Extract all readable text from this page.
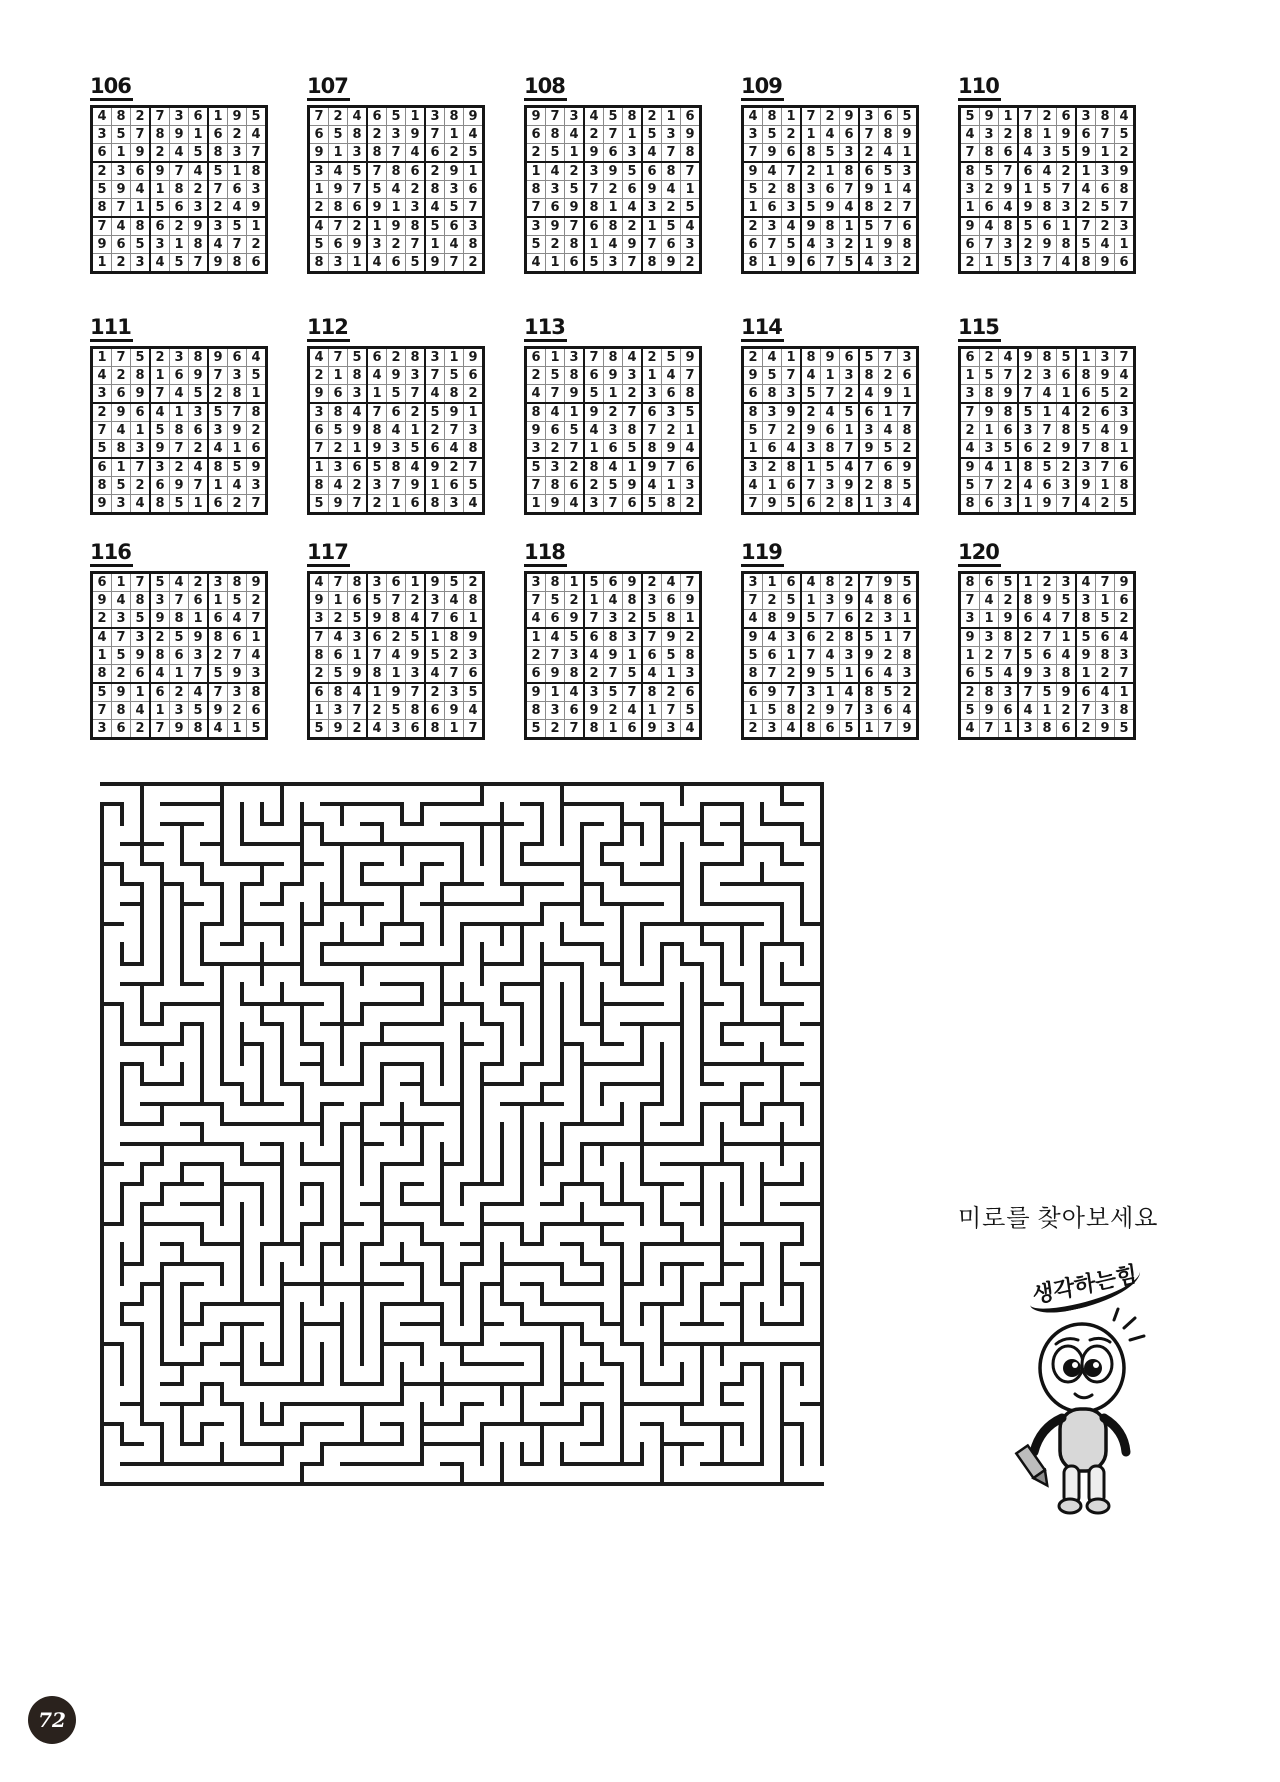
106
4	8	2	7	3	6	1	9	5
3	5	7	8	9	1	6	2	4
6	1	9	2	4	5	8	3	7
2	3	6	9	7	4	5	1	8
5	9	4	1	8	2	7	6	3
8	7	1	5	6	3	2	4	9
7	4	8	6	2	9	3	5	1
9	6	5	3	1	8	4	7	2
1	2	3	4	5	7	9	8	6
107
7	2	4	6	5	1	3	8	9
6	5	8	2	3	9	7	1	4
9	1	3	8	7	4	6	2	5
3	4	5	7	8	6	2	9	1
1	9	7	5	4	2	8	3	6
2	8	6	9	1	3	4	5	7
4	7	2	1	9	8	5	6	3
5	6	9	3	2	7	1	4	8
8	3	1	4	6	5	9	7	2
108
9	7	3	4	5	8	2	1	6
6	8	4	2	7	1	5	3	9
2	5	1	9	6	3	4	7	8
1	4	2	3	9	5	6	8	7
8	3	5	7	2	6	9	4	1
7	6	9	8	1	4	3	2	5
3	9	7	6	8	2	1	5	4
5	2	8	1	4	9	7	6	3
4	1	6	5	3	7	8	9	2
109
4	8	1	7	2	9	3	6	5
3	5	2	1	4	6	7	8	9
7	9	6	8	5	3	2	4	1
9	4	7	2	1	8	6	5	3
5	2	8	3	6	7	9	1	4
1	6	3	5	9	4	8	2	7
2	3	4	9	8	1	5	7	6
6	7	5	4	3	2	1	9	8
8	1	9	6	7	5	4	3	2
110
5	9	1	7	2	6	3	8	4
4	3	2	8	1	9	6	7	5
7	8	6	4	3	5	9	1	2
8	5	7	6	4	2	1	3	9
3	2	9	1	5	7	4	6	8
1	6	4	9	8	3	2	5	7
9	4	8	5	6	1	7	2	3
6	7	3	2	9	8	5	4	1
2	1	5	3	7	4	8	9	6
111
1	7	5	2	3	8	9	6	4
4	2	8	1	6	9	7	3	5
3	6	9	7	4	5	2	8	1
2	9	6	4	1	3	5	7	8
7	4	1	5	8	6	3	9	2
5	8	3	9	7	2	4	1	6
6	1	7	3	2	4	8	5	9
8	5	2	6	9	7	1	4	3
9	3	4	8	5	1	6	2	7
112
4	7	5	6	2	8	3	1	9
2	1	8	4	9	3	7	5	6
9	6	3	1	5	7	4	8	2
3	8	4	7	6	2	5	9	1
6	5	9	8	4	1	2	7	3
7	2	1	9	3	5	6	4	8
1	3	6	5	8	4	9	2	7
8	4	2	3	7	9	1	6	5
5	9	7	2	1	6	8	3	4
113
6	1	3	7	8	4	2	5	9
2	5	8	6	9	3	1	4	7
4	7	9	5	1	2	3	6	8
8	4	1	9	2	7	6	3	5
9	6	5	4	3	8	7	2	1
3	2	7	1	6	5	8	9	4
5	3	2	8	4	1	9	7	6
7	8	6	2	5	9	4	1	3
1	9	4	3	7	6	5	8	2
114
2	4	1	8	9	6	5	7	3
9	5	7	4	1	3	8	2	6
6	8	3	5	7	2	4	9	1
8	3	9	2	4	5	6	1	7
5	7	2	9	6	1	3	4	8
1	6	4	3	8	7	9	5	2
3	2	8	1	5	4	7	6	9
4	1	6	7	3	9	2	8	5
7	9	5	6	2	8	1	3	4
115
6	2	4	9	8	5	1	3	7
1	5	7	2	3	6	8	9	4
3	8	9	7	4	1	6	5	2
7	9	8	5	1	4	2	6	3
2	1	6	3	7	8	5	4	9
4	3	5	6	2	9	7	8	1
9	4	1	8	5	2	3	7	6
5	7	2	4	6	3	9	1	8
8	6	3	1	9	7	4	2	5
116
6	1	7	5	4	2	3	8	9
9	4	8	3	7	6	1	5	2
2	3	5	9	8	1	6	4	7
4	7	3	2	5	9	8	6	1
1	5	9	8	6	3	2	7	4
8	2	6	4	1	7	5	9	3
5	9	1	6	2	4	7	3	8
7	8	4	1	3	5	9	2	6
3	6	2	7	9	8	4	1	5
117
4	7	8	3	6	1	9	5	2
9	1	6	5	7	2	3	4	8
3	2	5	9	8	4	7	6	1
7	4	3	6	2	5	1	8	9
8	6	1	7	4	9	5	2	3
2	5	9	8	1	3	4	7	6
6	8	4	1	9	7	2	3	5
1	3	7	2	5	8	6	9	4
5	9	2	4	3	6	8	1	7
118
3	8	1	5	6	9	2	4	7
7	5	2	1	4	8	3	6	9
4	6	9	7	3	2	5	8	1
1	4	5	6	8	3	7	9	2
2	7	3	4	9	1	6	5	8
6	9	8	2	7	5	4	1	3
9	1	4	3	5	7	8	2	6
8	3	6	9	2	4	1	7	5
5	2	7	8	1	6	9	3	4
119
3	1	6	4	8	2	7	9	5
7	2	5	1	3	9	4	8	6
4	8	9	5	7	6	2	3	1
9	4	3	6	2	8	5	1	7
5	6	1	7	4	3	9	2	8
8	7	2	9	5	1	6	4	3
6	9	7	3	1	4	8	5	2
1	5	8	2	9	7	3	6	4
2	3	4	8	6	5	1	7	9
120
8	6	5	1	2	3	4	7	9
7	4	2	8	9	5	3	1	6
3	1	9	6	4	7	8	5	2
9	3	8	2	7	1	5	6	4
1	2	7	5	6	4	9	8	3
6	5	4	9	3	8	1	2	7
2	8	3	7	5	9	6	4	1
5	9	6	4	1	2	7	3	8
4	7	1	3	8	6	2	9	5
미로를 찾아보세요
생각하는힘
72
